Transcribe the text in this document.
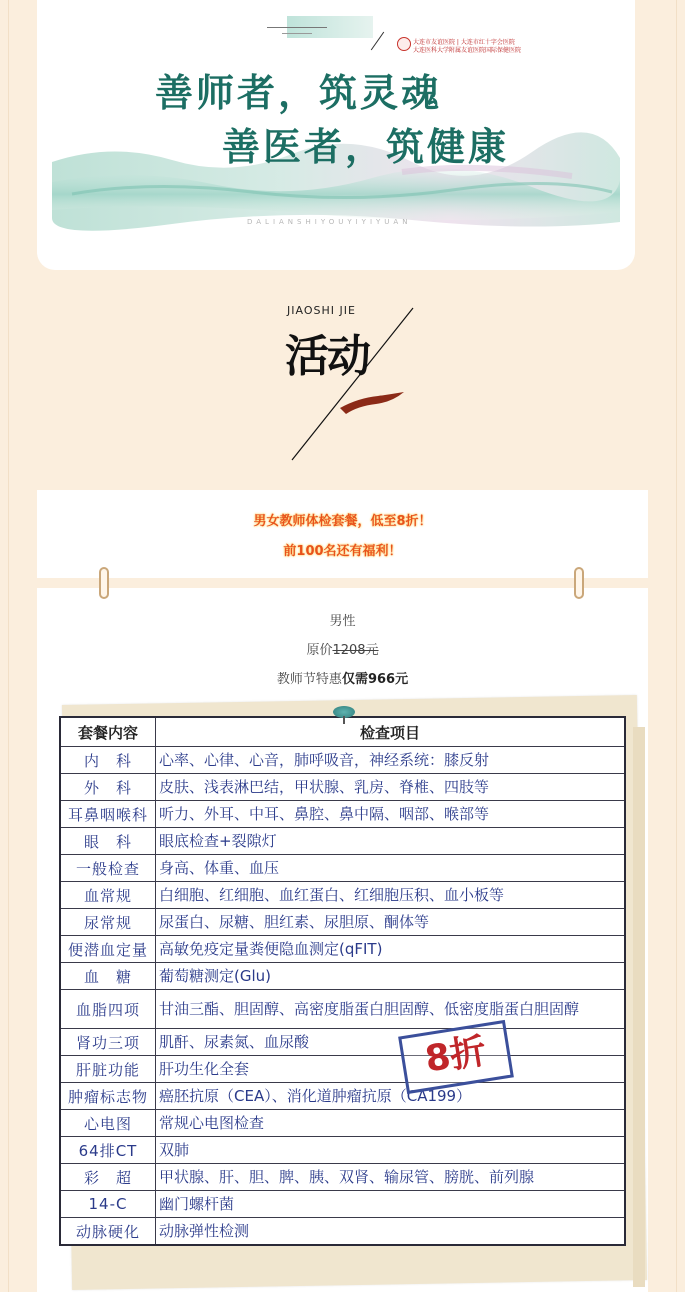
大连市友谊医院 | 大连市红十字会医院
大连医科大学附属友谊医院国际保健医院
善师者，筑灵魂
善医者，筑健康
DALIANSHIYOUYIYIYUAN
JIAOSHI JIE
活动
一
男女教师体检套餐，低至8折！
前100名还有福利！
男性
原价1208元
教师节特惠仅需966元
套餐内容	检查项目
内　科	心率、心律、心音，肺呼吸音，神经系统：膝反射
外　科	皮肤、浅表淋巴结，甲状腺、乳房、脊椎、四肢等
耳鼻咽喉科	听力、外耳、中耳、鼻腔、鼻中隔、咽部、喉部等
眼　科	眼底检查+裂隙灯
一般检查	身高、体重、血压
血常规	白细胞、红细胞、血红蛋白、红细胞压积、血小板等
尿常规	尿蛋白、尿糖、胆红素、尿胆原、酮体等
便潜血定量	高敏免疫定量粪便隐血测定(qFIT)
血　糖	葡萄糖测定(Glu)
血脂四项	甘油三酯、胆固醇、高密度脂蛋白胆固醇、低密度脂蛋白胆固醇
肾功三项	肌酐、尿素氮、血尿酸
肝脏功能	肝功生化全套
肿瘤标志物	癌胚抗原（CEA）、消化道肿瘤抗原（CA199）
心电图	常规心电图检查
64排CT	双肺
彩　超	甲状腺、肝、胆、脾、胰、双肾、输尿管、膀胱、前列腺
14-C	幽门螺杆菌
动脉硬化	动脉弹性检测
8折
